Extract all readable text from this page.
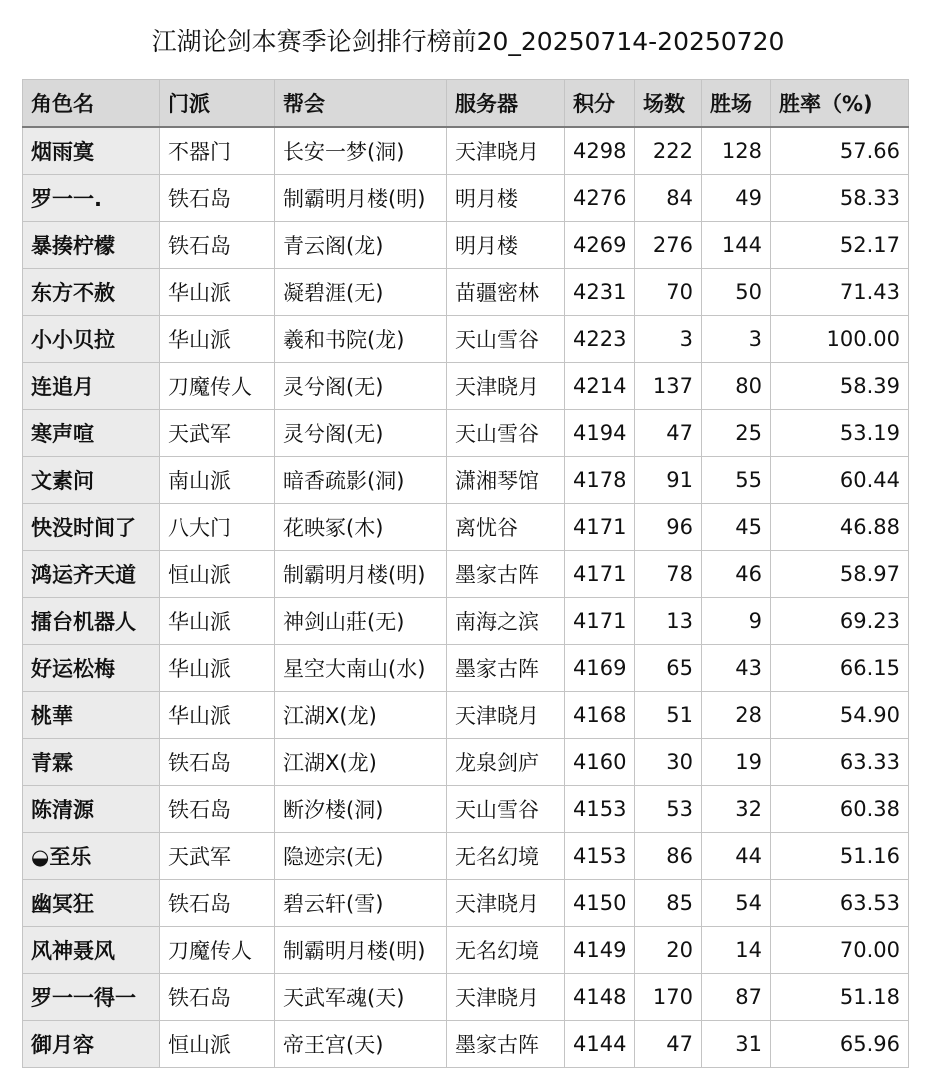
江湖论剑本赛季论剑排行榜前20_20250714-20250720
角色名	门派	帮会	服务器	积分	场数	胜场	胜率（%)
烟雨寞	不器门	长安一梦(洞)	天津晓月	4298	222	128	57.66
罗一一.	铁石岛	制霸明月楼(明)	明月楼	4276	84	49	58.33
暴揍柠檬	铁石岛	青云阁(龙)	明月楼	4269	276	144	52.17
东方不赦	华山派	凝碧涯(无)	苗疆密林	4231	70	50	71.43
小小贝拉	华山派	羲和书院(龙)	天山雪谷	4223	3	3	100.00
连追月	刀魔传人	灵兮阁(无)	天津晓月	4214	137	80	58.39
寒声喧	天武军	灵兮阁(无)	天山雪谷	4194	47	25	53.19
文素问	南山派	暗香疏影(洞)	潇湘琴馆	4178	91	55	60.44
快没时间了	八大门	花映冢(木)	离忧谷	4171	96	45	46.88
鸿运齐天道	恒山派	制霸明月楼(明)	墨家古阵	4171	78	46	58.97
擂台机器人	华山派	神剑山莊(无)	南海之滨	4171	13	9	69.23
好运松梅	华山派	星空大南山(水)	墨家古阵	4169	65	43	66.15
桃華	华山派	江湖X(龙)	天津晓月	4168	51	28	54.90
青霖	铁石岛	江湖X(龙)	龙泉剑庐	4160	30	19	63.33
陈清源	铁石岛	断汐楼(洞)	天山雪谷	4153	53	32	60.38
◒至乐	天武军	隐迹宗(无)	无名幻境	4153	86	44	51.16
幽冥狂	铁石岛	碧云轩(雪)	天津晓月	4150	85	54	63.53
风神聂风	刀魔传人	制霸明月楼(明)	无名幻境	4149	20	14	70.00
罗一一得一	铁石岛	天武军魂(天)	天津晓月	4148	170	87	51.18
御月容	恒山派	帝王宫(天)	墨家古阵	4144	47	31	65.96
